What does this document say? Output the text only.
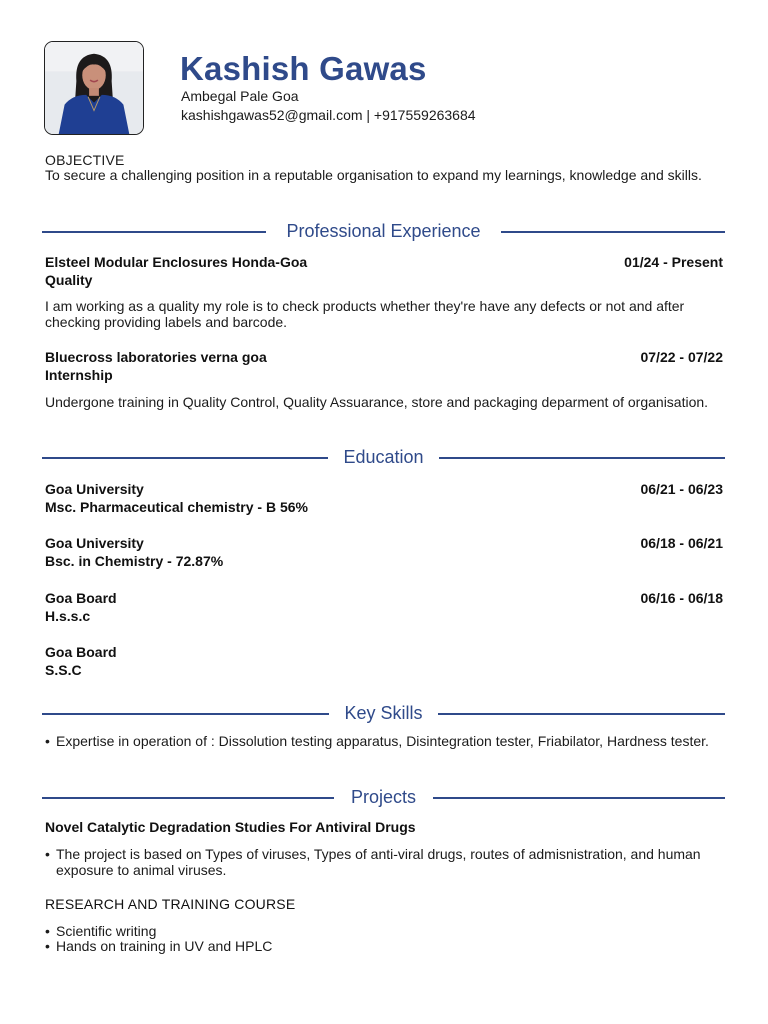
Kashish Gawas
Ambegal Pale Goa
kashishgawas52@gmail.com | +917559263684
OBJECTIVE
To secure a challenging position in a reputable organisation to expand my learnings, knowledge and skills.
Professional Experience
Elsteel Modular Enclosures Honda-Goa	01/24 - Present
Quality
I am working as a quality my role is to check products whether they're have any defects or not and after checking providing labels and barcode.
Bluecross laboratories verna goa	07/22 - 07/22
Internship
Undergone training in Quality Control, Quality Assuarance, store and packaging deparment of organisation.
Education
Goa University	06/21 - 06/23
Msc. Pharmaceutical chemistry - B 56%
Goa University	06/18 - 06/21
Bsc. in Chemistry - 72.87%
Goa Board	06/16 - 06/18
H.s.s.c
Goa Board
S.S.C
Key Skills
• Expertise in operation of : Dissolution testing apparatus, Disintegration tester, Friabilator, Hardness tester.
Projects
Novel Catalytic Degradation Studies For Antiviral Drugs
• The project is based on Types of viruses, Types of anti-viral drugs, routes of admisnistration, and human exposure to animal viruses.
RESEARCH AND TRAINING COURSE
• Scientific writing
• Hands on training in UV and HPLC
